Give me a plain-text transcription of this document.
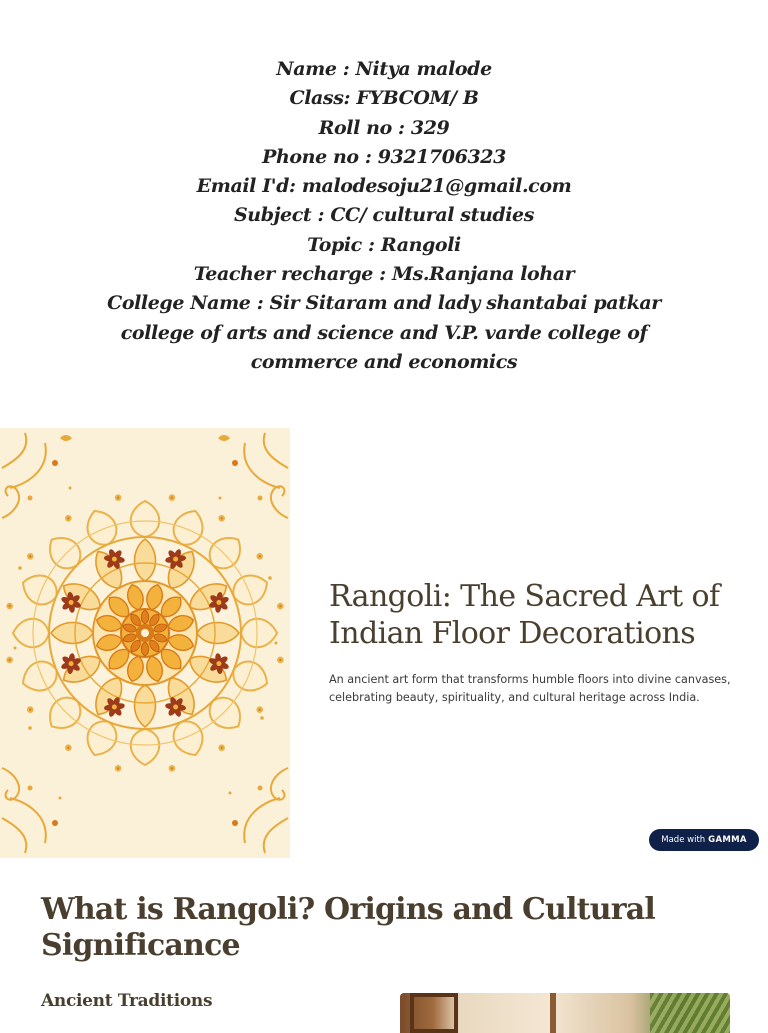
Name : Nitya malode
Class: FYBCOM/ B
Roll no : 329
Phone no : 9321706323
Email I'd: malodesoju21@gmail.com
Subject : CC/ cultural studies
Topic : Rangoli
Teacher recharge : Ms.Ranjana lohar
College Name : Sir Sitaram and lady shantabai patkar college of arts and science and V.P. varde college of commerce and economics
Rangoli: The Sacred Art of Indian Floor Decorations

An ancient art form that transforms humble floors into divine canvases, celebrating beauty, spirituality, and cultural heritage across India.

Made with GAMMA
What is Rangoli? Origins and Cultural Significance
Ancient Traditions
